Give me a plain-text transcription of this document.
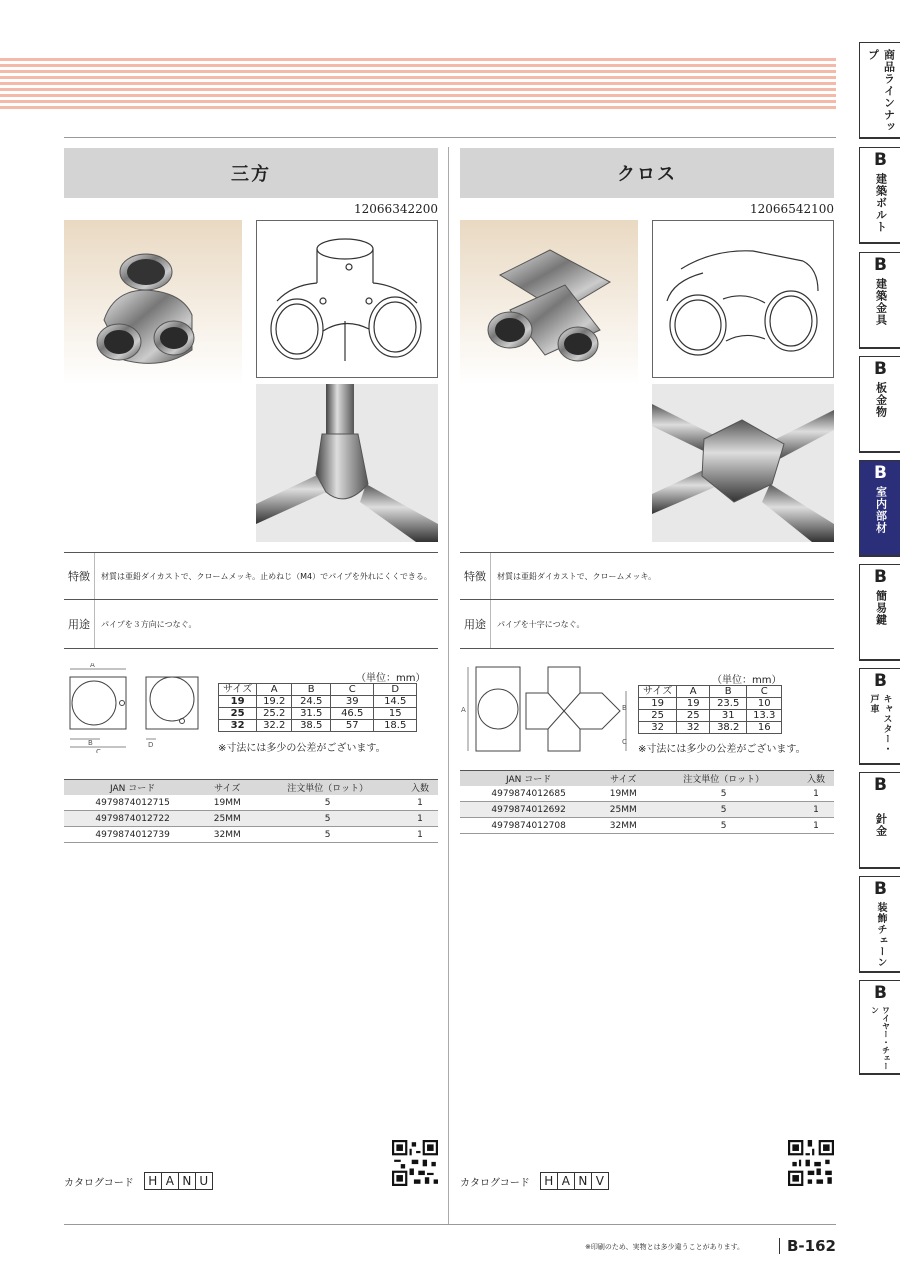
三方
12066342200
特徴	材質は亜鉛ダイカストで、クロームメッキ。止めねじ（M4）でパイプを外れにくくできる。
用途	パイプを３方向につなぐ。
A
B
C
D
（単位：mm）
サイズ	A	B	C	D
19	19.2	24.5	39	14.5
25	25.2	31.5	46.5	15
32	32.2	38.5	57	18.5
※寸法には多少の公差がございます。
JAN コード	サイズ	注文単位（ロット）	入数
4979874012715	19MM	5	1
4979874012722	25MM	5	1
4979874012739	32MM	5	1
カタログコード H A N U
クロス
12066542100
特徴	材質は亜鉛ダイカストで、クロームメッキ。
用途	パイプを十字につなぐ。
A	B
C
（単位：mm）
サイズ	A	B	C
19	19	23.5	10
25	25	31	13.3
32	32	38.2	16
※寸法には多少の公差がございます。
JAN コード	サイズ	注文単位（ロット）	入数
4979874012685	19MM	5	1
4979874012692	25MM	5	1
4979874012708	32MM	5	1
カタログコード H A N V
※印刷のため、実物とは多少違うことがあります。	B-162
商品ラインナップ
B
建築ボルト
B
建築金具
B
板金物
B
室内部材
B
簡易鍵
B
キャスター・戸車
B
針金
B
装飾チェーン
B
ワイヤー・チェーン
